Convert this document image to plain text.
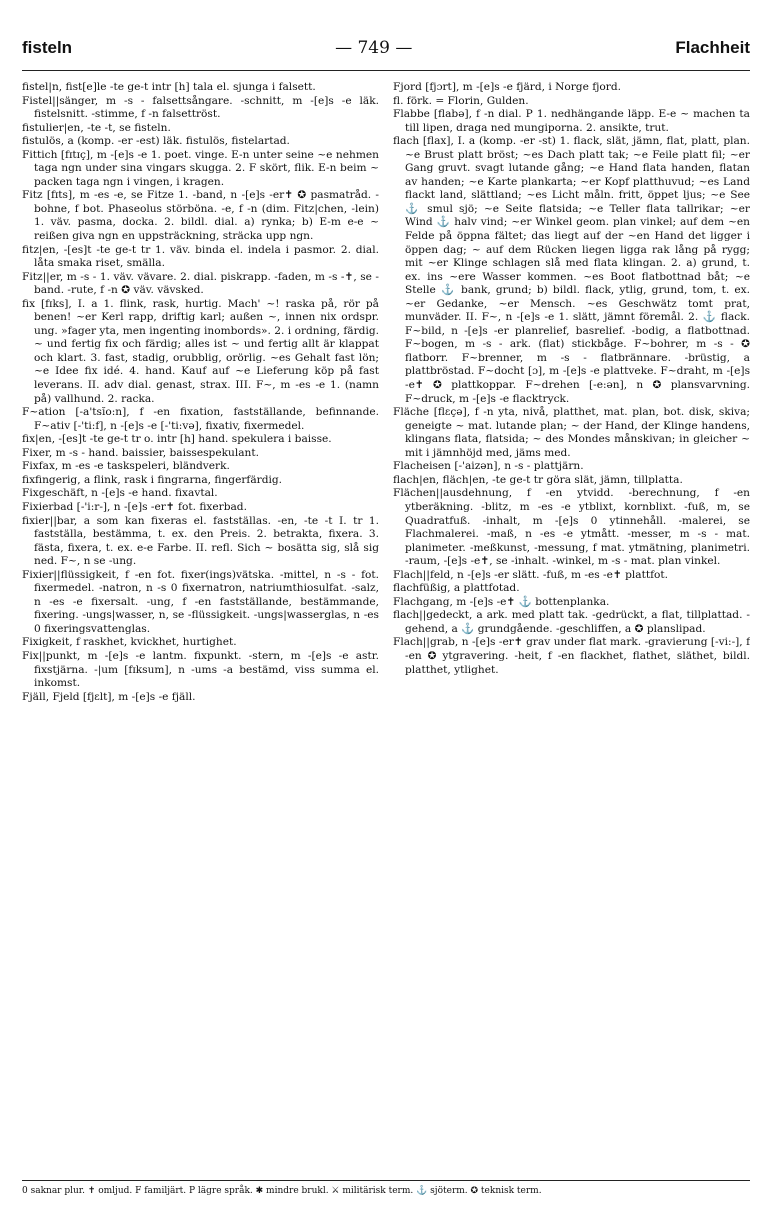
fisteln	— 749 —	Flachheit

fistel|n, fist[e]le -te ge-t intr [h] tala el. sjunga i falsett.

Fistel||sänger, m -s - falsettsångare. -schnitt, m -[e]s -e läk. fistelsnitt. -stimme, f -n falsettröst.

fistulier|en, -te -t, se fisteln.

fistulös, a (komp. -er -est) läk. fistulös, fistelartad.

Fittich [fɪtɪç], m -[e]s -e 1. poet. vinge. E-n unter seine ~e nehmen taga ngn under sina vingars skugga. 2. F skört, flik. E-n beim ~ packen taga ngn i vingen, i kragen.

Fitz [fɪts], m -es -e, se Fitze 1. -band, n -[e]s -er✝ ✪ pasmatråd. -bohne, f bot. Phaseolus störböna. -e, f -n (dim. Fitz|chen, -lein) 1. väv. pasma, docka. 2. bildl. dial. a) rynka; b) E-m e-e ~ reißen giva ngn en uppsträckning, sträcka upp ngn.

fitz|en, -[es]t -te ge-t tr 1. väv. binda el. indela i pasmor. 2. dial. låta smaka riset, smälla.

Fitz||er, m -s - 1. väv. vävare. 2. dial. piskrapp. -faden, m -s -✝, se -band. -rute, f -n ✪ väv. vävsked.

fix [fɪks], I. a 1. flink, rask, hurtig. Mach' ~! raska på, rör på benen! ~er Kerl rapp, driftig karl; außen ~, innen nix ordspr. ung. »fager yta, men ingenting inombords». 2. i ordning, färdig. ~ und fertig fix och färdig; alles ist ~ und fertig allt är klappat och klart. 3. fast, stadig, orubblig, orörlig. ~es Gehalt fast lön; ~e Idee fix idé. 4. hand. Kauf auf ~e Lieferung köp på fast leverans. II. adv dial. genast, strax. III. F~, m -es -e 1. (namn på) vallhund. 2. racka.

F~ation [-a'tsĭo:n], f -en fixation, fastställande, befinnande. F~ativ [-'ti:f], n -[e]s -e [-'ti:və], fixativ, fixermedel.

fix|en, -[es]t -te ge-t tr o. intr [h] hand. spekulera i baisse.

Fixer, m -s - hand. baissier, baissespekulant.

Fixfax, m -es -e taskspeleri, bländverk.

fixfingerig, a flink, rask i fingrarna, fingerfärdig.

Fixgeschäft, n -[e]s -e hand. fixavtal.

Fixierbad [-'i:r-], n -[e]s -er✝ fot. fixerbad.

fixier||bar, a som kan fixeras el. fastställas. -en, -te -t I. tr 1. fastställa, bestämma, t. ex. den Preis. 2. betrakta, fixera. 3. fästa, fixera, t. ex. e-e Farbe. II. refl. Sich ~ bosätta sig, slå sig ned. F~, n se -ung.

Fixier||flüssigkeit, f -en fot. fixer(ings)vätska. -mittel, n -s - fot. fixermedel. -natron, n -s 0 fixernatron, natriumthiosulfat. -salz, n -es -e fixersalt. -ung, f -en fastställande, bestämmande, fixering. -ungs|wasser, n, se -flüssigkeit. -ungs|wasserglas, n -es 0 fixeringsvattenglas.

Fixigkeit, f raskhet, kvickhet, hurtighet.

Fix||punkt, m -[e]s -e lantm. fixpunkt. -stern, m -[e]s -e astr. fixstjärna. -|um [fɪksum], n -ums -a bestämd, viss summa el. inkomst.

Fjäll, Fjeld [fjɛlt], m -[e]s -e fjäll.

Fjord [fjɔrt], m -[e]s -e fjärd, i Norge fjord.

fl. förk. = Florin, Gulden.

Flabbe [flabə], f -n dial. P 1. nedhängande läpp. E-e ~ machen ta till lipen, draga ned mungiporna. 2. ansikte, trut.

flach [flax], I. a (komp. -er -st) 1. flack, slät, jämn, flat, platt, plan. ~e Brust platt bröst; ~es Dach platt tak; ~e Feile platt fil; ~er Gang gruvt. svagt lutande gång; ~e Hand flata handen, flatan av handen; ~e Karte plankarta; ~er Kopf platthuvud; ~es Land flackt land, slättland; ~es Licht måln. fritt, öppet ljus; ~e See ⚓ smul sjö; ~e Seite flatsida; ~e Teller flata tallrikar; ~er Wind ⚓ halv vind; ~er Winkel geom. plan vinkel; auf dem ~en Felde på öppna fältet; das liegt auf der ~en Hand det ligger i öppen dag; ~ auf dem Rücken liegen ligga rak lång på rygg; mit ~er Klinge schlagen slå med flata klingan. 2. a) grund, t. ex. ins ~ere Wasser kommen. ~es Boot flatbottnad båt; ~e Stelle ⚓ bank, grund; b) bildl. flack, ytlig, grund, tom, t. ex. ~er Gedanke, ~er Mensch. ~es Geschwätz tomt prat, munväder. II. F~, n -[e]s -e 1. slätt, jämnt föremål. 2. ⚓ flack. F~bild, n -[e]s -er planrelief, basrelief. -bodig, a flatbottnad. F~bogen, m -s - ark. (flat) stickbåge. F~bohrer, m -s - ✪ flatborr. F~brenner, m -s - flatbrännare. -brüstig, a plattbröstad. F~docht [ɔ], m -[e]s -e plattveke. F~draht, m -[e]s -e✝ ✪ plattkoppar. F~drehen [-e:ən], n ✪ plansvarvning. F~druck, m -[e]s -e flacktryck.

Fläche [flɛçə], f -n yta, nivå, platthet, mat. plan, bot. disk, skiva; geneigte ~ mat. lutande plan; ~ der Hand, der Klinge handens, klingans flata, flatsida; ~ des Mondes månskivan; in gleicher ~ mit i jämnhöjd med, jäms med.

Flacheisen [-'aizən], n -s - plattjärn.

flach|en, fläch|en, -te ge-t tr göra slät, jämn, tillplatta.

Flächen||ausdehnung, f -en ytvidd. -berechnung, f -en ytberäkning. -blitz, m -es -e ytblixt, kornblixt. -fuß, m, se Quadratfuß. -inhalt, m -[e]s 0 ytinnehåll. -malerei, se Flachmalerei. -maß, n -es -e ytmått. -messer, m -s - mat. planimeter. -meßkunst, -messung, f mat. ytmätning, planimetri. -raum, -[e]s -e✝, se -inhalt. -winkel, m -s - mat. plan vinkel.

Flach||feld, n -[e]s -er slätt. -fuß, m -es -e✝ plattfot.

flachfüßig, a plattfotad.

Flachgang, m -[e]s -e✝ ⚓ bottenplanka.

flach||gedeckt, a ark. med platt tak. -gedrückt, a flat, tillplattad. -gehend, a ⚓ grundgående. -geschliffen, a ✪ planslipad.

Flach||grab, n -[e]s -er✝ grav under flat mark. -gravierung [-vi:-], f -en ✪ ytgravering. -heit, f -en flackhet, flathet, släthet, bildl. platthet, ytlighet.

0 saknar plur. ✝ omljud. F familjärt. P lägre språk. ✱ mindre brukl. ⚔ militärisk term. ⚓ sjöterm. ✪ teknisk term.
